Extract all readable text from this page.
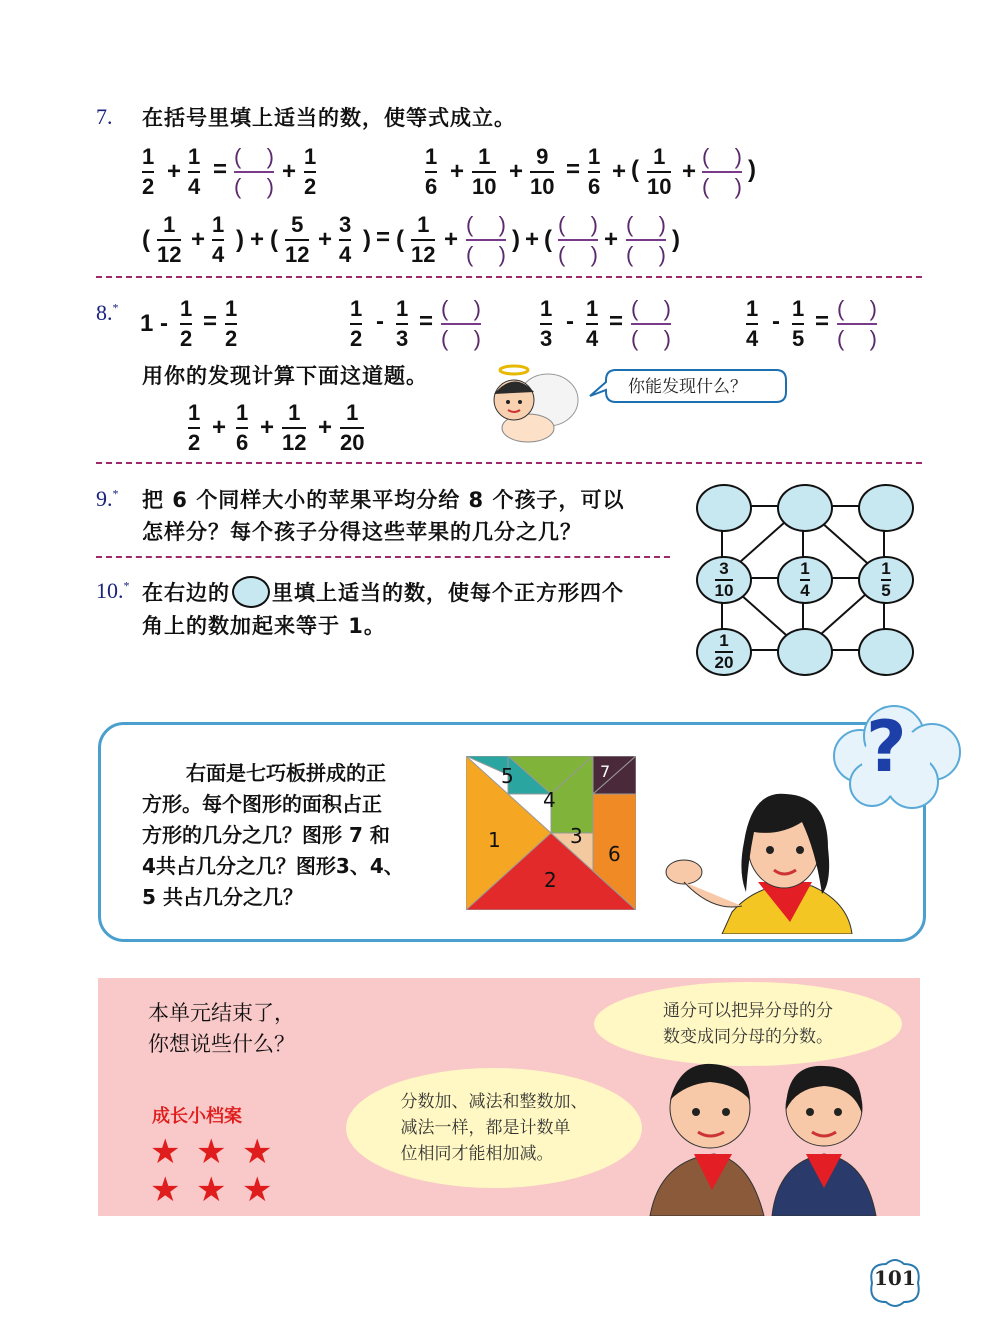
7. 在括号里填上适当的数，使等式成立。
1
2
+
1
4
= ( )
( )
+
1
2
1
6
+
1
10
+
9
10
= 1
6
+ ( 1
10
+
( )
( )
)
(
1
12
+
1
4
) + (
5
12
+
3
4
) = (
1
12
+
( )
( )
) + (
( )
( )
+
( )
( )
)
8.*
1 -
1
2
= 1
2
1
2
- 1
3
= ( )
( )
1
3
- 1
4
= ( )
( )
1
4
- 1
5
= ( )
( )
用你的发现计算下面这道题。
1
2
+
1
6
+
1
12
+
1
20
你能发现什么？
9.* 把 6 个同样大小的苹果平均分给 8 个孩子，可以
怎样分？每个孩子分得这些苹果的几分之几？
10.* 在右边的 里填上适当的数，使每个正方形四个
角上的数加起来等于 1。
$\frac{3}{10}$	$\frac{1}{4}$	$\frac{1}{5}$
$\frac{1}{20}$
右面是七巧板拼成的正
方形。每个图形的面积占正
方形的几分之几？图形 7 和
4共占几分之几？图形3、4、
5 共占几分之几？
5
4
1	3
6
2
7	?
本单元结束了，
你想说些什么？
成长小档案
★ ★ ★
★ ★ ★
通分可以把异分母的分
数变成同分母的分数。
分数加、减法和整数加、
减法一样，都是计数单
位相同才能相加减。
101
